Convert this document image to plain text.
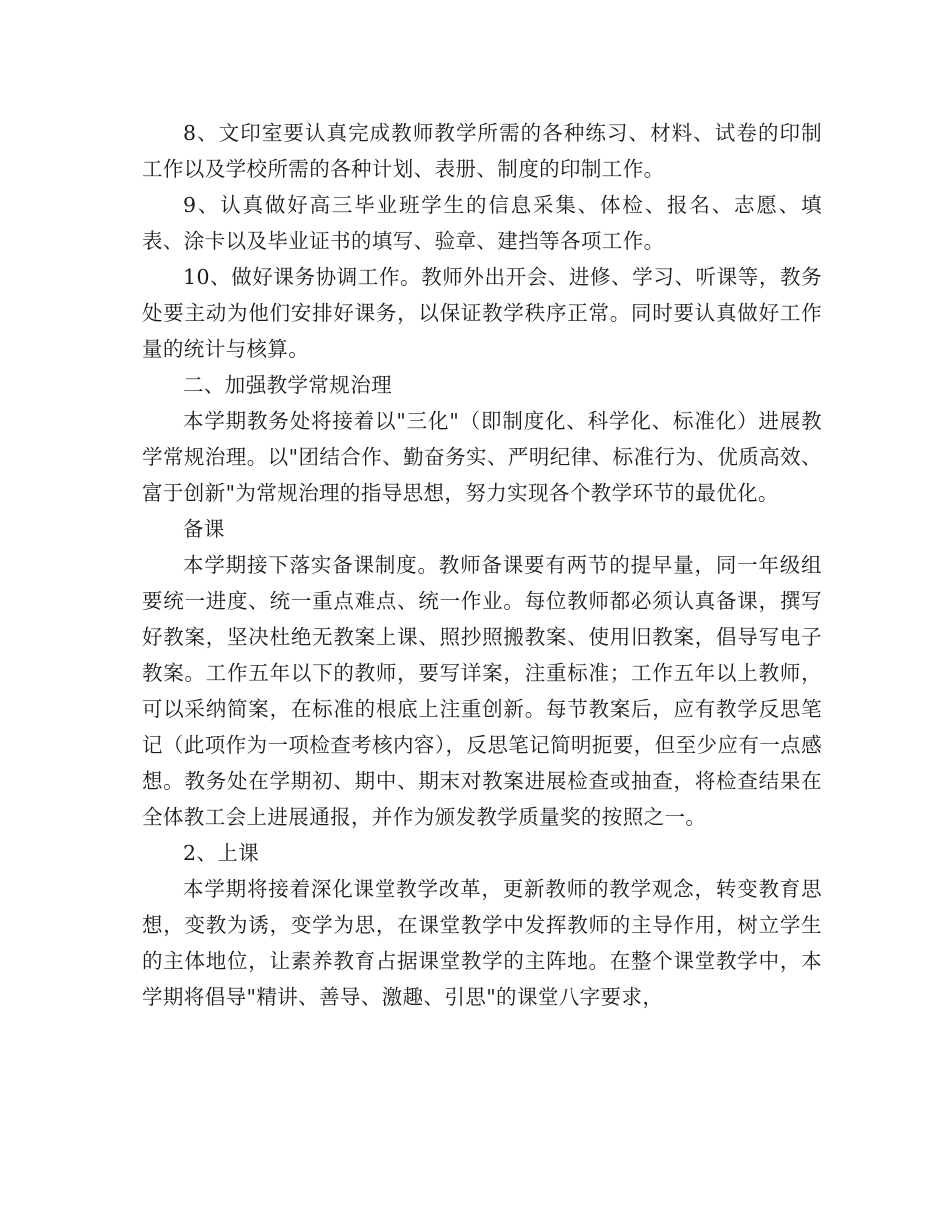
8、文印室要认真完成教师教学所需的各种练习、材料、试卷的印制工作以及学校所需的各种计划、表册、制度的印制工作。

9、认真做好高三毕业班学生的信息采集、体检、报名、志愿、填表、涂卡以及毕业证书的填写、验章、建挡等各项工作。

10、做好课务协调工作。教师外出开会、进修、学习、听课等，教务处要主动为他们安排好课务，以保证教学秩序正常。同时要认真做好工作量的统计与核算。

二、加强教学常规治理

本学期教务处将接着以"三化"（即制度化、科学化、标准化）进展教学常规治理。以"团结合作、勤奋务实、严明纪律、标准行为、优质高效、富于创新"为常规治理的指导思想，努力实现各个教学环节的最优化。

备课

本学期接下落实备课制度。教师备课要有两节的提早量，同一年级组要统一进度、统一重点难点、统一作业。每位教师都必须认真备课，撰写好教案，坚决杜绝无教案上课、照抄照搬教案、使用旧教案，倡导写电子教案。工作五年以下的教师，要写详案，注重标准；工作五年以上教师，可以采纳简案，在标准的根底上注重创新。每节教案后，应有教学反思笔记（此项作为一项检查考核内容），反思笔记简明扼要，但至少应有一点感想。教务处在学期初、期中、期末对教案进展检查或抽查，将检查结果在全体教工会上进展通报，并作为颁发教学质量奖的按照之一。

2、上课

本学期将接着深化课堂教学改革，更新教师的教学观念，转变教育思想，变教为诱，变学为思，在课堂教学中发挥教师的主导作用，树立学生的主体地位，让素养教育占据课堂教学的主阵地。在整个课堂教学中，本学期将倡导"精讲、善导、激趣、引思"的课堂八字要求，
